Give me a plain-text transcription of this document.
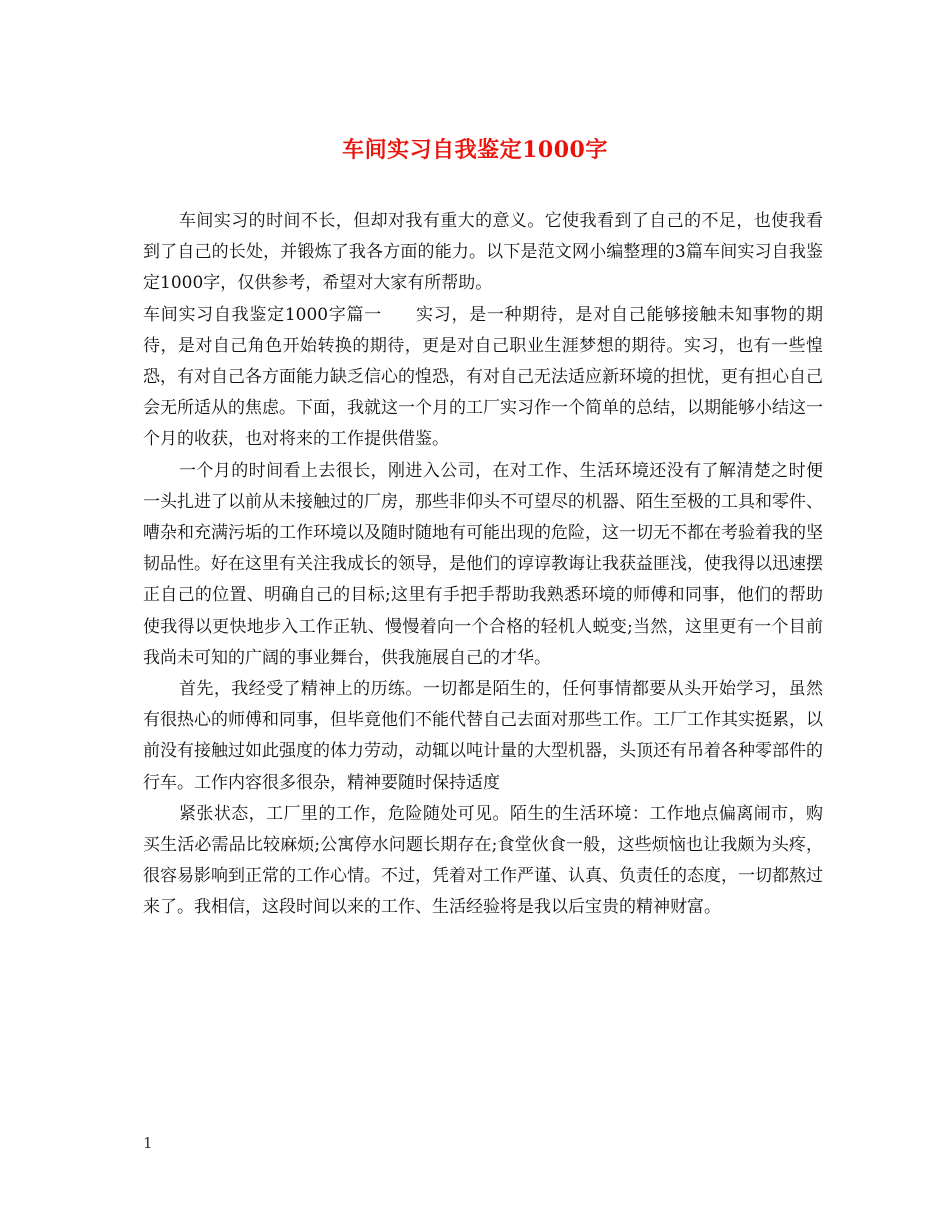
车间实习自我鉴定1000字

车间实习的时间不长，但却对我有重大的意义。它使我看到了自己的不足，也使我看到了自己的长处，并锻炼了我各方面的能力。以下是范文网小编整理的3篇车间实习自我鉴定1000字，仅供参考，希望对大家有所帮助。

车间实习自我鉴定1000字篇一 实习，是一种期待，是对自己能够接触未知事物的期待，是对自己角色开始转换的期待，更是对自己职业生涯梦想的期待。实习，也有一些惶恐，有对自己各方面能力缺乏信心的惶恐，有对自己无法适应新环境的担忧，更有担心自己会无所适从的焦虑。下面，我就这一个月的工厂实习作一个简单的总结，以期能够小结这一个月的收获，也对将来的工作提供借鉴。

一个月的时间看上去很长，刚进入公司，在对工作、生活环境还没有了解清楚之时便一头扎进了以前从未接触过的厂房，那些非仰头不可望尽的机器、陌生至极的工具和零件、嘈杂和充满污垢的工作环境以及随时随地有可能出现的危险，这一切无不都在考验着我的坚韧品性。好在这里有关注我成长的领导，是他们的谆谆教诲让我获益匪浅，使我得以迅速摆正自己的位置、明确自己的目标;这里有手把手帮助我熟悉环境的师傅和同事，他们的帮助使我得以更快地步入工作正轨、慢慢着向一个合格的轻机人蜕变;当然，这里更有一个目前我尚未可知的广阔的事业舞台，供我施展自己的才华。

首先，我经受了精神上的历练。一切都是陌生的，任何事情都要从头开始学习，虽然有很热心的师傅和同事，但毕竟他们不能代替自己去面对那些工作。工厂工作其实挺累，以前没有接触过如此强度的体力劳动，动辄以吨计量的大型机器，头顶还有吊着各种零部件的行车。工作内容很多很杂，精神要随时保持适度

紧张状态，工厂里的工作，危险随处可见。陌生的生活环境：工作地点偏离闹市，购买生活必需品比较麻烦;公寓停水问题长期存在;食堂伙食一般，这些烦恼也让我颇为头疼，很容易影响到正常的工作心情。不过，凭着对工作严谨、认真、负责任的态度，一切都熬过来了。我相信，这段时间以来的工作、生活经验将是我以后宝贵的精神财富。

1
